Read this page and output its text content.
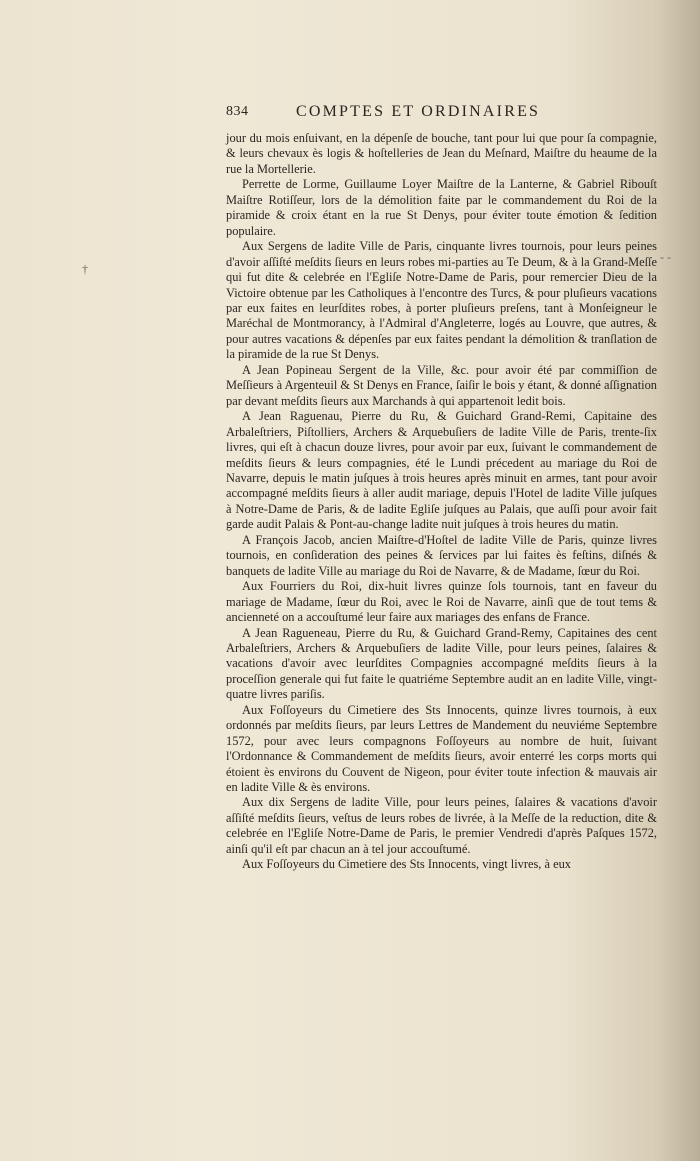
834	COMPTES ET ORDINAIRES
†
- -

jour du mois enſuivant, en la dépenſe de bouche, tant pour lui que pour ſa compagnie, & leurs chevaux ès logis & hoſtelleries de Jean du Meſnard, Maiſtre du heaume de la rue la Mortellerie.

Perrette de Lorme, Guillaume Loyer Maiſtre de la Lanterne, & Gabriel Ribouſt Maiſtre Rotiſſeur, lors de la démolition faite par le commandement du Roi de la piramide & croix étant en la rue St Denys, pour éviter toute émotion & ſedition populaire.

Aux Sergens de ladite Ville de Paris, cinquante livres tournois, pour leurs peines d'avoir aſſiſté meſdits ſieurs en leurs robes mi-parties au Te Deum, & à la Grand-Meſſe qui fut dite & celebrée en l'Egliſe Notre-Dame de Paris, pour remercier Dieu de la Victoire obtenue par les Catholiques à l'encontre des Turcs, & pour pluſieurs vacations par eux faites en leurſdites robes, à porter pluſieurs preſens, tant à Monſeigneur le Maréchal de Montmorancy, à l'Admiral d'Angleterre, logés au Louvre, que autres, & pour autres vacations & dépenſes par eux faites pendant la démolition & tranſlation de la piramide de la rue St Denys.

A Jean Popineau Sergent de la Ville, &c. pour avoir été par commiſſion de Meſſieurs à Argenteuil & St Denys en France, ſaiſir le bois y étant, & donné aſſignation par devant meſdits ſieurs aux Marchands à qui appartenoit ledit bois.

A Jean Raguenau, Pierre du Ru, & Guichard Grand-Remi, Capitaine des Arbaleſtriers, Piſtolliers, Archers & Arquebuſiers de ladite Ville de Paris, trente-ſix livres, qui eſt à chacun douze livres, pour avoir par eux, ſuivant le commandement de meſdits ſieurs & leurs compagnies, été le Lundi précedent au mariage du Roi de Navarre, depuis le matin juſques à trois heures après minuit en armes, tant pour avoir accompagné meſdits ſieurs à aller audit mariage, depuis l'Hotel de ladite Ville juſques à Notre-Dame de Paris, & de ladite Egliſe juſques au Palais, que auſſi pour avoir fait garde audit Palais & Pont-au-change ladite nuit juſques à trois heures du matin.

A François Jacob, ancien Maiſtre-d'Hoſtel de ladite Ville de Paris, quinze livres tournois, en conſideration des peines & ſervices par lui faites ès feſtins, diſnés & banquets de ladite Ville au mariage du Roi de Navarre, & de Madame, ſœur du Roi.

Aux Fourriers du Roi, dix-huit livres quinze ſols tournois, tant en faveur du mariage de Madame, ſœur du Roi, avec le Roi de Navarre, ainſi que de tout tems & ancienneté on a accouſtumé leur faire aux mariages des enfans de France.

A Jean Ragueneau, Pierre du Ru, & Guichard Grand-Remy, Capitaines des cent Arbaleſtriers, Archers & Arquebuſiers de ladite Ville, pour leurs peines, ſalaires & vacations d'avoir avec leurſdites Compagnies accompagné meſdits ſieurs à la proceſſion generale qui fut faite le quatriéme Septembre audit an en ladite Ville, vingt-quatre livres pariſis.

Aux Foſſoyeurs du Cimetiere des Sts Innocents, quinze livres tournois, à eux ordonnés par meſdits ſieurs, par leurs Lettres de Mandement du neuviéme Septembre 1572, pour avec leurs compagnons Foſſoyeurs au nombre de huit, ſuivant l'Ordonnance & Commandement de meſdits ſieurs, avoir enterré les corps morts qui étoient ès environs du Couvent de Nigeon, pour éviter toute infection & mauvais air en ladite Ville & ès environs.

Aux dix Sergens de ladite Ville, pour leurs peines, ſalaires & vacations d'avoir aſſiſté meſdits ſieurs, veſtus de leurs robes de livrée, à la Meſſe de la reduction, dite & celebrée en l'Egliſe Notre-Dame de Paris, le premier Vendredi d'après Paſques 1572, ainſi qu'il eſt par chacun an à tel jour accouſtumé.

Aux Foſſoyeurs du Cimetiere des Sts Innocents, vingt livres, à eux
